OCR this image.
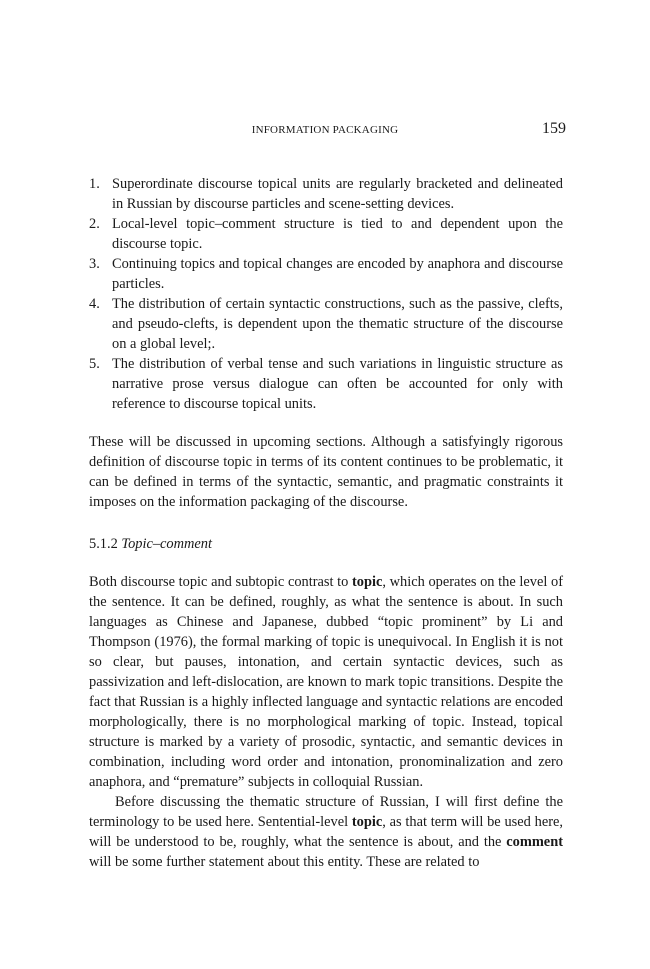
INFORMATION PACKAGING	159
1. Superordinate discourse topical units are regularly bracketed and delineated in Russian by discourse particles and scene-setting devices.
2. Local-level topic–comment structure is tied to and dependent upon the discourse topic.
3. Continuing topics and topical changes are encoded by anaphora and discourse particles.
4. The distribution of certain syntactic constructions, such as the passive, clefts, and pseudo-clefts, is dependent upon the thematic structure of the discourse on a global level;.
5. The distribution of verbal tense and such variations in linguistic structure as narrative prose versus dialogue can often be accounted for only with reference to discourse topical units.

These will be discussed in upcoming sections. Although a satisfyingly rigorous definition of discourse topic in terms of its content continues to be problematic, it can be defined in terms of the syntactic, semantic, and pragmatic constraints it imposes on the information packaging of the discourse.

5.1.2 Topic–comment

Both discourse topic and subtopic contrast to topic, which operates on the level of the sentence. It can be defined, roughly, as what the sentence is about. In such languages as Chinese and Japanese, dubbed “topic prominent” by Li and Thompson (1976), the formal marking of topic is unequivocal. In English it is not so clear, but pauses, intonation, and certain syntactic devices, such as passivization and left-dislocation, are known to mark topic transitions. Despite the fact that Russian is a highly inflected language and syntactic relations are encoded morphologically, there is no morphological marking of topic. Instead, topical structure is marked by a variety of prosodic, syntactic, and semantic devices in combination, including word order and intonation, pronominalization and zero anaphora, and “premature” subjects in colloquial Russian.

Before discussing the thematic structure of Russian, I will first define the terminology to be used here. Sentential-level topic, as that term will be used here, will be understood to be, roughly, what the sentence is about, and the comment will be some further statement about this entity. These are related to
